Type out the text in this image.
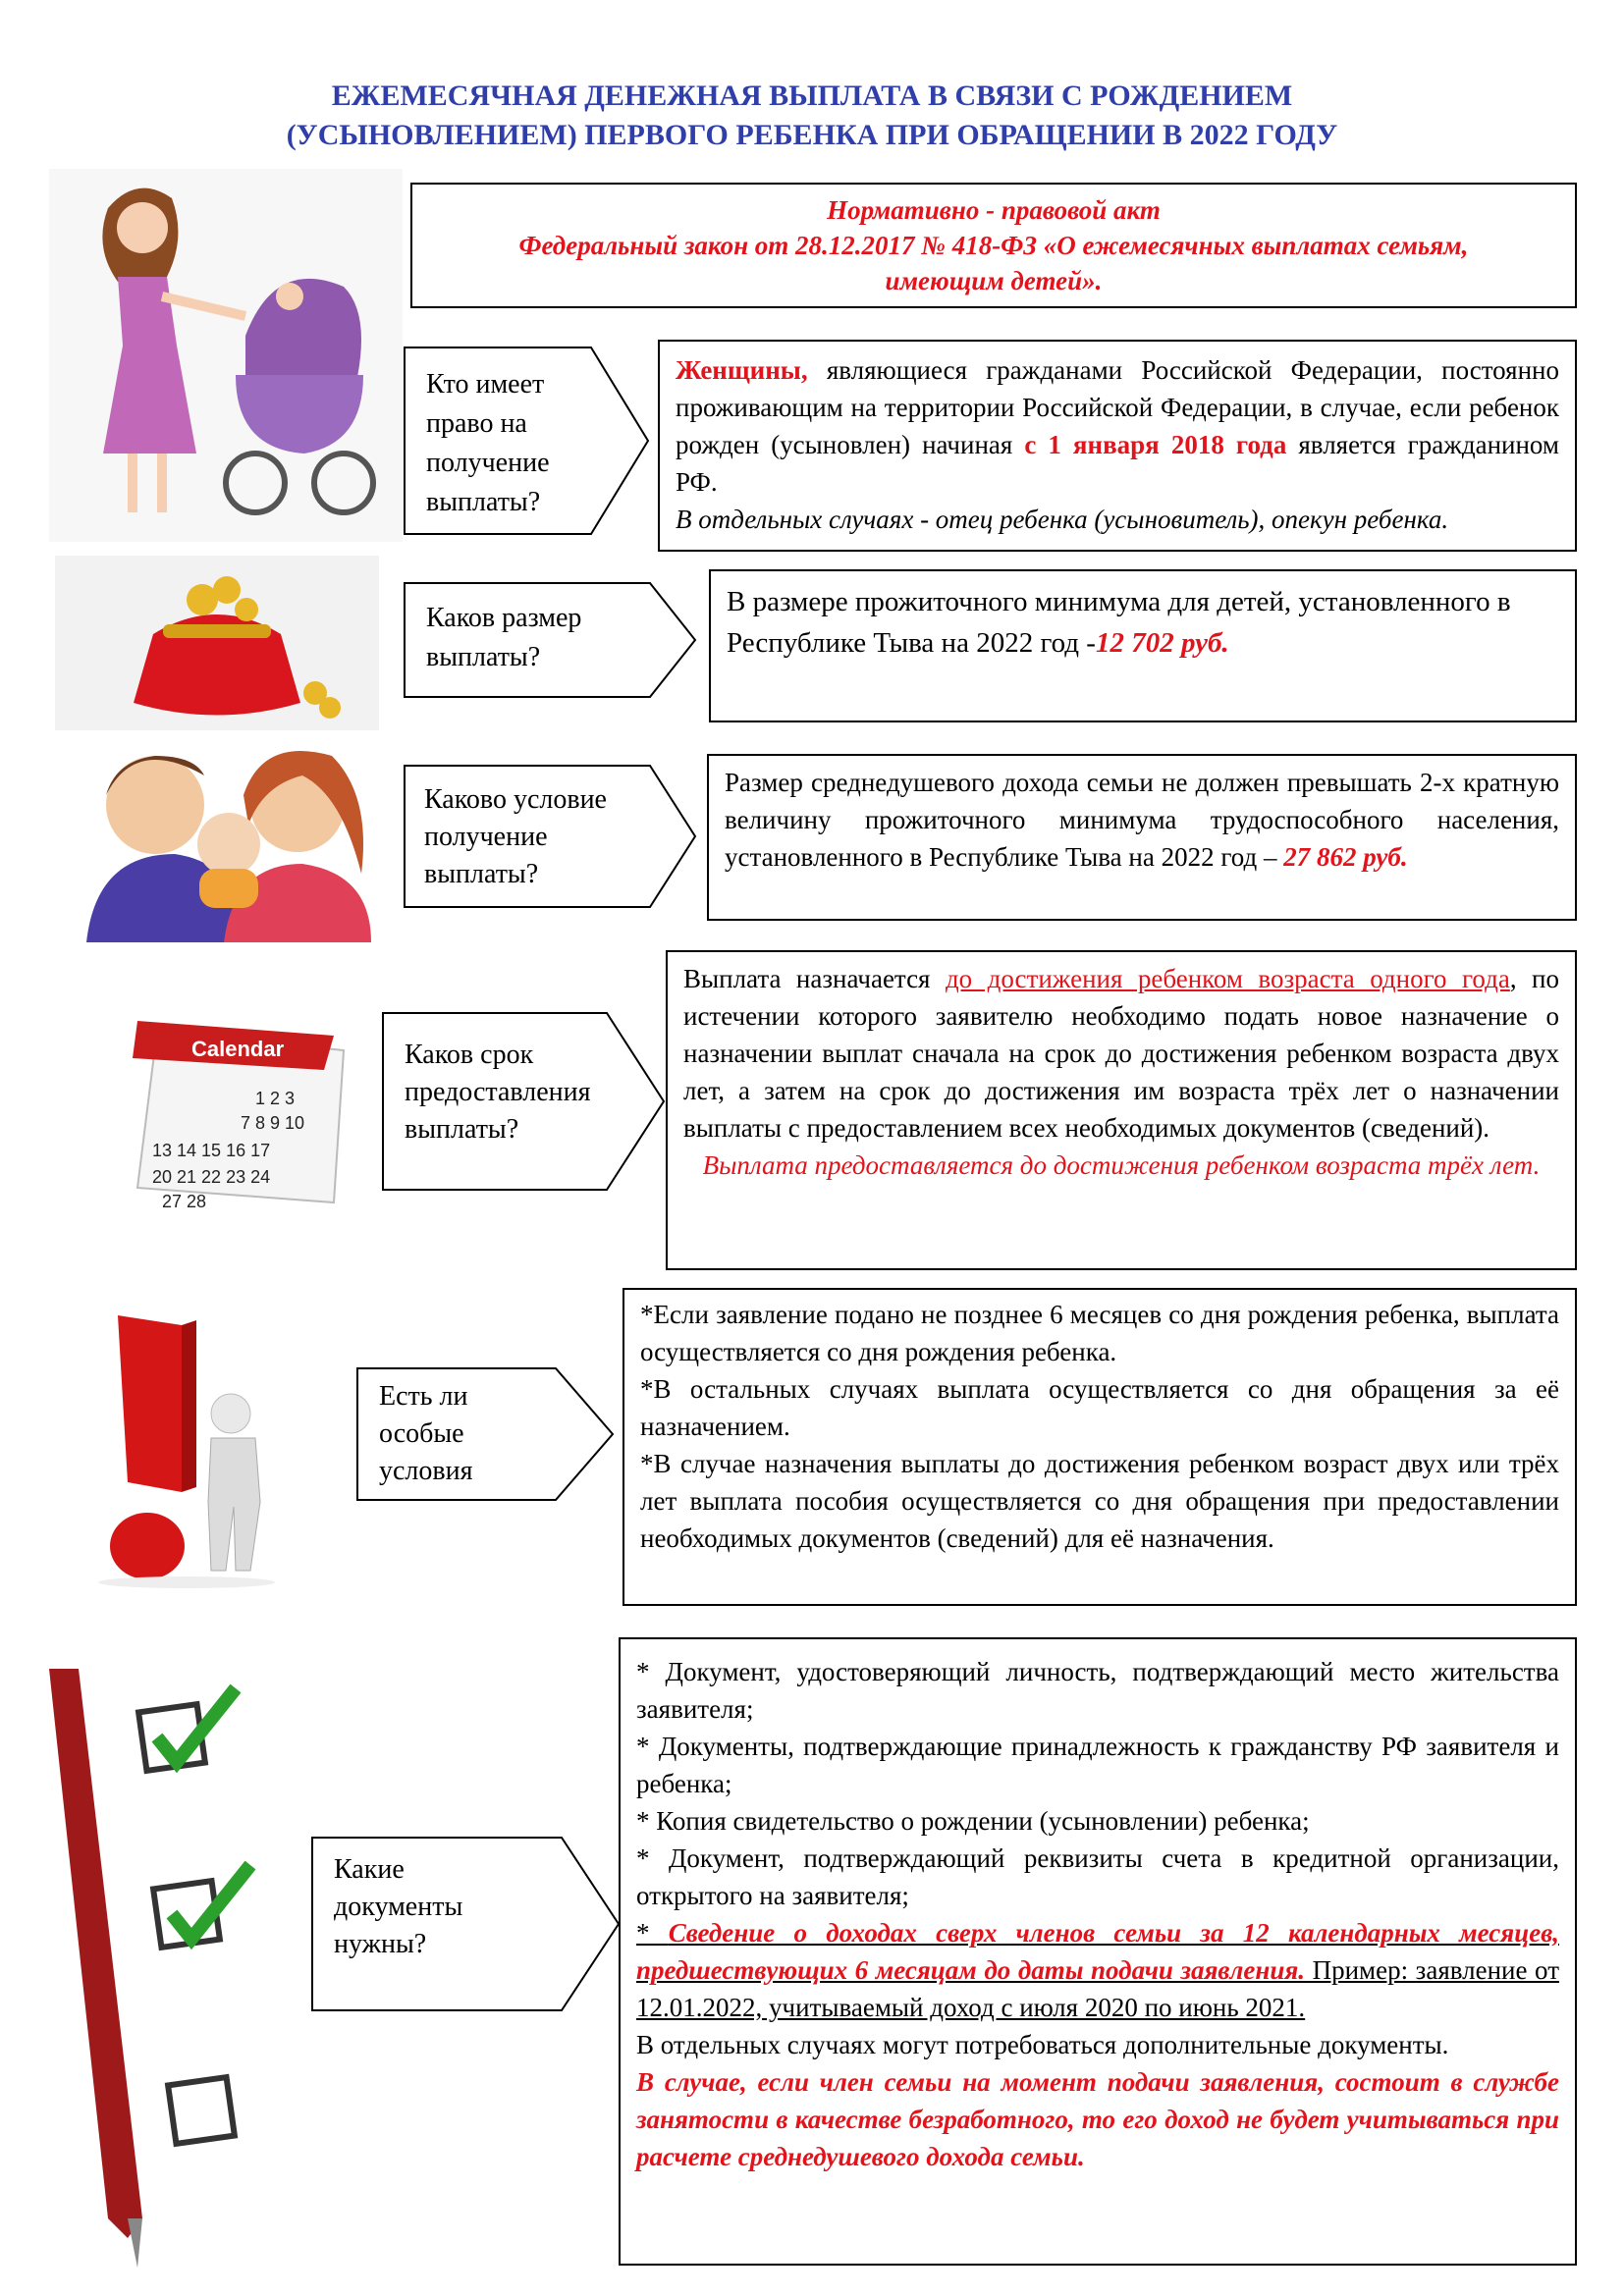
ЕЖЕМЕСЯЧНАЯ ДЕНЕЖНАЯ ВЫПЛАТА В СВЯЗИ С РОЖДЕНИЕМ
(УСЫНОВЛЕНИЕМ) ПЕРВОГО РЕБЕНКА ПРИ ОБРАЩЕНИИ В 2022 ГОДУ
Нормативно - правовой акт
Федеральный закон от 28.12.2017 № 418-ФЗ «О ежемесячных выплатах семьям,
имеющим детей».
Кто имеет право на получение выплаты?
Женщины, являющиеся гражданами Российской Федерации, постоянно проживающим на территории Российской Федерации, в случае, если ребенок рожден (усыновлен) начиная с 1 января 2018 года является гражданином РФ.
В отдельных случаях - отец ребенка (усыновитель), опекун ребенка.
Каков размер выплаты?
В размере прожиточного минимума для детей, установленного в Республике Тыва на 2022 год -12 702 руб.
Каково условие получение выплаты?
Размер среднедушевого дохода семьи не должен превышать 2-х кратную величину прожиточного минимума трудоспособного населения, установленного в Республике Тыва на 2022 год – 27 862 руб.
Calendar
1 2 3
7 8 9 10
13 14 15 16 17
20 21 22 23 24
27 28
Каков срок предоставления выплаты?
Выплата назначается до достижения ребенком возраста одного года, по истечении которого заявителю необходимо подать новое назначение о назначении выплат сначала на срок до достижения ребенком возраста двух лет, а затем на срок до достижения им возраста трёх лет о назначении выплаты с предоставлением всех необходимых документов (сведений).
Выплата предоставляется до достижения ребенком возраста трёх лет.
Есть ли особые условия
*Если заявление подано не позднее 6 месяцев со дня рождения ребенка, выплата осуществляется со дня рождения ребенка.
*В остальных случаях выплата осуществляется со дня обращения за её назначением.
*В случае назначения выплаты до достижения ребенком возраст двух или трёх лет выплата пособия осуществляется со дня обращения при предоставлении необходимых документов (сведений) для её назначения.
Какие документы нужны?
* Документ, удостоверяющий личность, подтверждающий место жительства заявителя;
* Документы, подтверждающие принадлежность к гражданству РФ заявителя и ребенка;
* Копия свидетельство о рождении (усыновлении) ребенка;
* Документ, подтверждающий реквизиты счета в кредитной организации, открытого на заявителя;
* Сведение о доходах сверх членов семьи за 12 календарных месяцев, предшествующих 6 месяцам до даты подачи заявления. Пример: заявление от 12.01.2022, учитываемый доход с июля 2020 по июнь 2021.
В отдельных случаях могут потребоваться дополнительные документы.
В случае, если член семьи на момент подачи заявления, состоит в службе занятости в качестве безработного, то его доход не будет учитываться при расчете среднедушевого дохода семьи.
